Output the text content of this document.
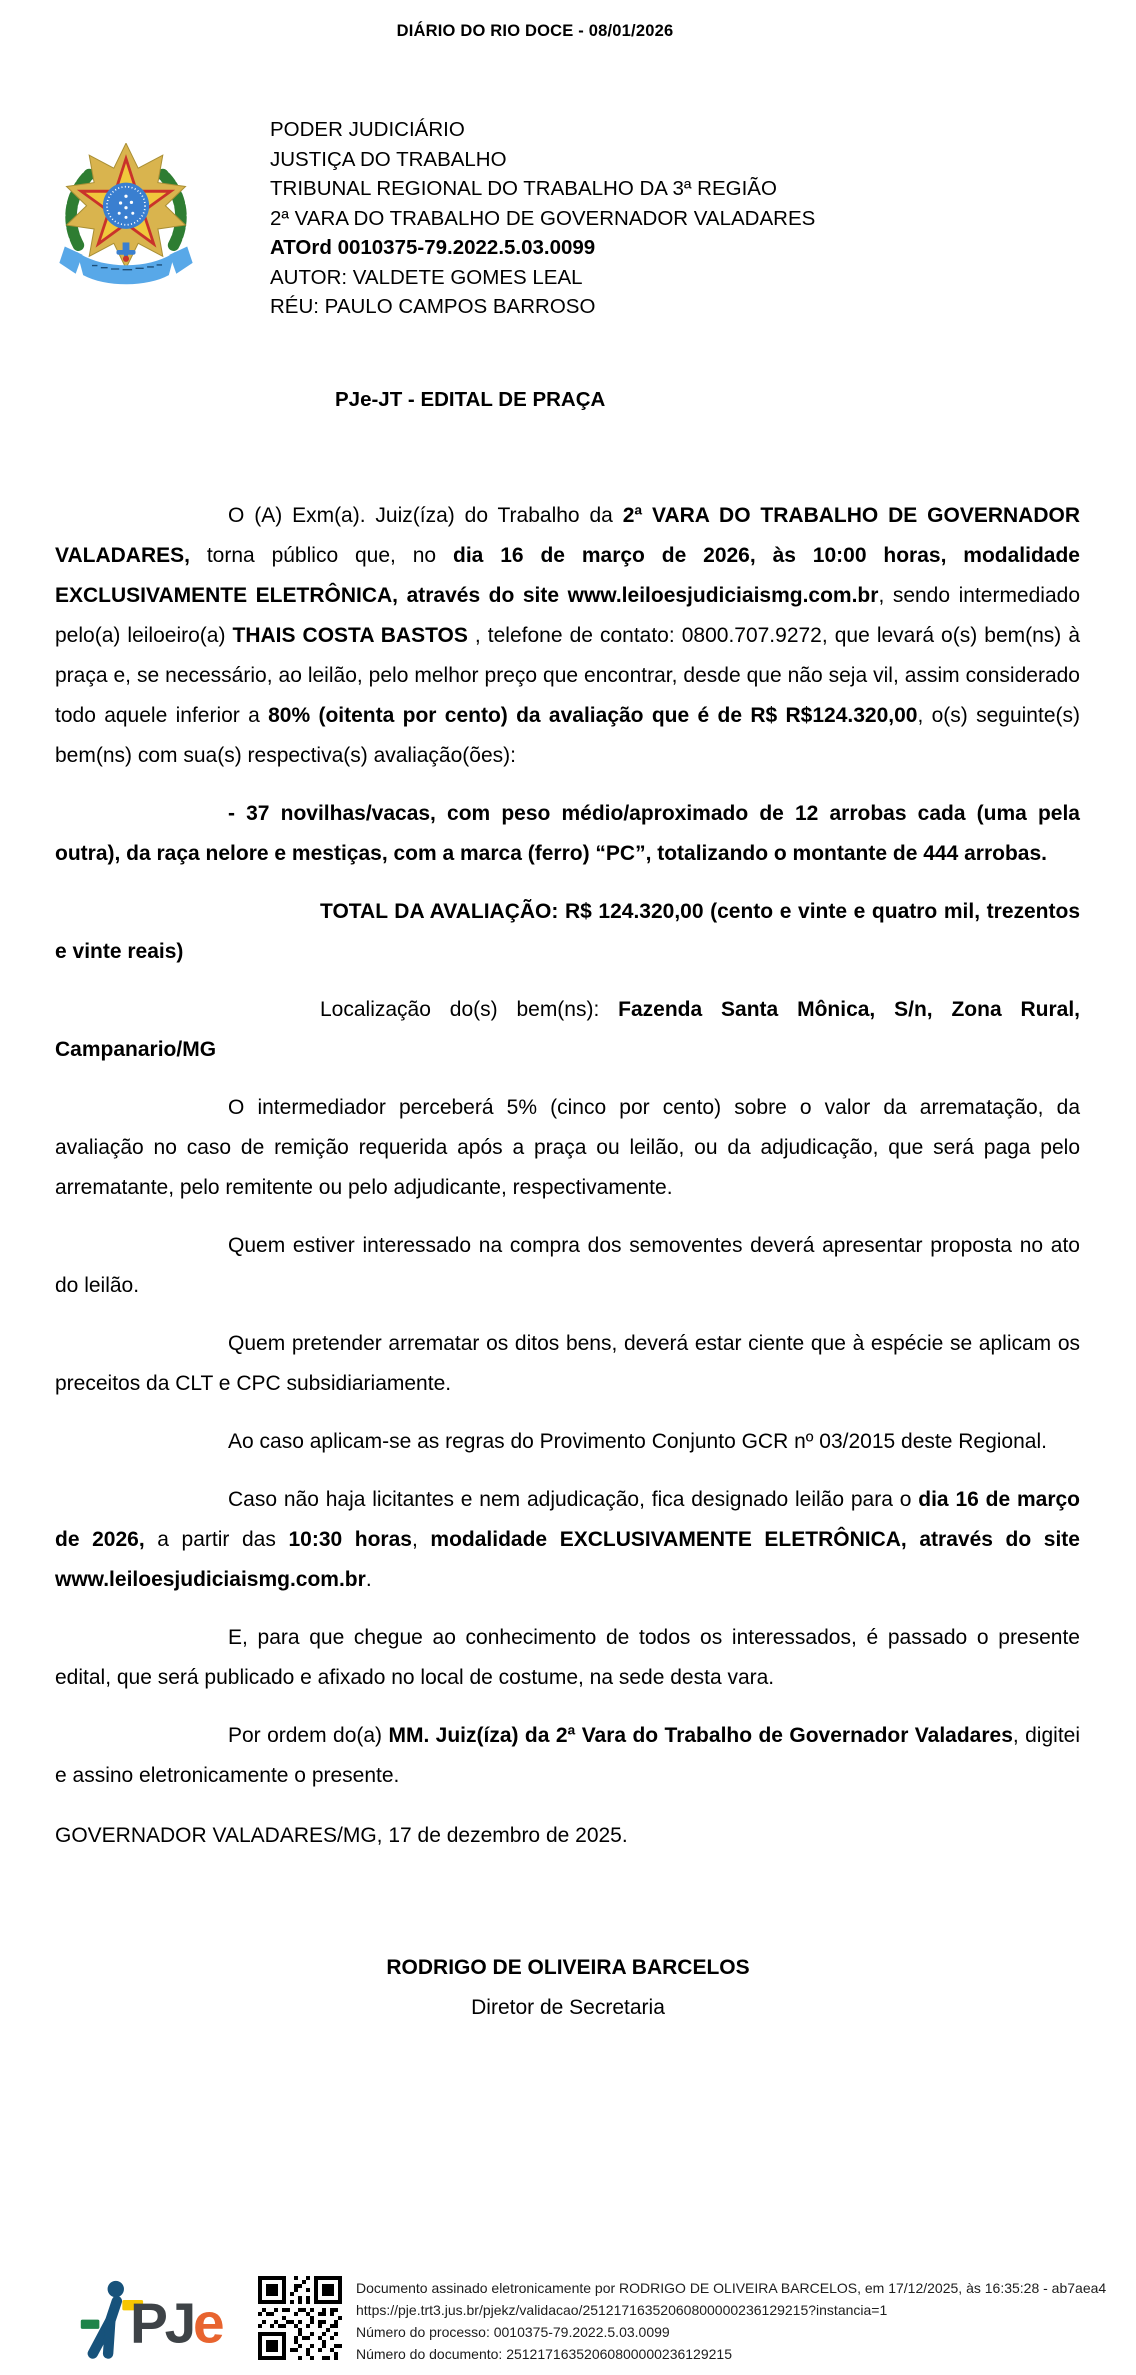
DIÁRIO DO RIO DOCE - 08/01/2026
PODER JUDICIÁRIO
JUSTIÇA DO TRABALHO
TRIBUNAL REGIONAL DO TRABALHO DA 3ª REGIÃO
2ª VARA DO TRABALHO DE GOVERNADOR VALADARES
ATOrd 0010375-79.2022.5.03.0099
AUTOR: VALDETE GOMES LEAL
RÉU: PAULO CAMPOS BARROSO
PJe-JT - EDITAL DE PRAÇA

O (A) Exm(a). Juiz(íza) do Trabalho da 2ª VARA DO TRABALHO DE GOVERNADOR VALADARES, torna público que, no dia 16 de março de 2026, às 10:00 horas, modalidade EXCLUSIVAMENTE ELETRÔNICA, através do site www.leiloesjudiciaismg.com.br, sendo intermediado pelo(a) leiloeiro(a) THAIS COSTA BASTOS , telefone de contato: 0800.707.9272, que levará o(s) bem(ns) à praça e, se necessário, ao leilão, pelo melhor preço que encontrar, desde que não seja vil, assim considerado todo aquele inferior a 80% (oitenta por cento) da avaliação que é de R$ R$124.320,00, o(s) seguinte(s) bem(ns) com sua(s) respectiva(s) avaliação(ões):

- 37 novilhas/vacas, com peso médio/aproximado de 12 arrobas cada (uma pela outra), da raça nelore e mestiças, com a marca (ferro) “PC”, totalizando o montante de 444 arrobas.

TOTAL DA AVALIAÇÃO: R$ 124.320,00 (cento e vinte e quatro mil, trezentos e vinte reais)

Localização do(s) bem(ns): Fazenda Santa Mônica, S/n, Zona Rural, Campanario/MG

O intermediador perceberá 5% (cinco por cento) sobre o valor da arrematação, da avaliação no caso de remição requerida após a praça ou leilão, ou da adjudicação, que será paga pelo arrematante, pelo remitente ou pelo adjudicante, respectivamente.

Quem estiver interessado na compra dos semoventes deverá apresentar proposta no ato do leilão.

Quem pretender arrematar os ditos bens, deverá estar ciente que à espécie se aplicam os preceitos da CLT e CPC subsidiariamente.

Ao caso aplicam-se as regras do Provimento Conjunto GCR nº 03/2015 deste Regional.

Caso não haja licitantes e nem adjudicação, fica designado leilão para o dia 16 de março de 2026, a partir das 10:30 horas, modalidade EXCLUSIVAMENTE ELETRÔNICA, através do site www.leiloesjudiciaismg.com.br.

E, para que chegue ao conhecimento de todos os interessados, é passado o presente edital, que será publicado e afixado no local de costume, na sede desta vara.

Por ordem do(a) MM. Juiz(íza) da 2ª Vara do Trabalho de Governador Valadares, digitei e assino eletronicamente o presente.

GOVERNADOR VALADARES/MG, 17 de dezembro de 2025.

RODRIGO DE OLIVEIRA BARCELOS
Diretor de Secretaria
PJe
Documento assinado eletronicamente por RODRIGO DE OLIVEIRA BARCELOS, em 17/12/2025, às 16:35:28 - ab7aea4
https://pje.trt3.jus.br/pjekz/validacao/25121716352060800000236129215?instancia=1
Número do processo: 0010375-79.2022.5.03.0099
Número do documento: 25121716352060800000236129215
